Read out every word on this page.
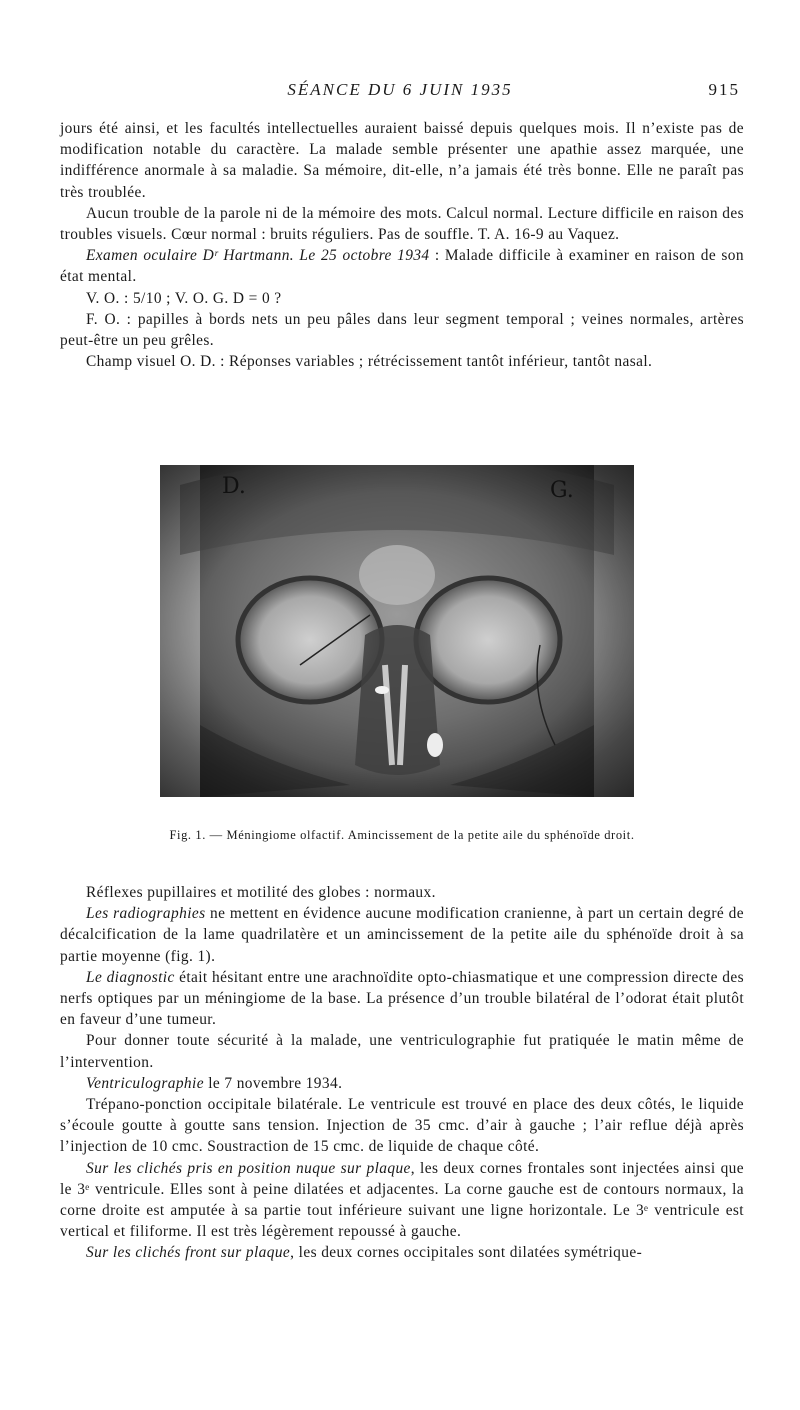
SÉANCE DU 6 JUIN 1935	915

jours été ainsi, et les facultés intellectuelles auraient baissé depuis quelques mois. Il n’existe pas de modification notable du caractère. La malade semble présenter une apathie assez marquée, une indifférence anormale à sa maladie. Sa mémoire, dit-elle, n’a jamais été très bonne. Elle ne paraît pas très troublée.

Aucun trouble de la parole ni de la mémoire des mots. Calcul normal. Lecture difficile en raison des troubles visuels. Cœur normal : bruits réguliers. Pas de souffle. T. A. 16-9 au Vaquez.

Examen oculaire Dʳ Hartmann. Le 25 octobre 1934 : Malade difficile à examiner en raison de son état mental.

V. O. : 5/10 ; V. O. G. D = 0 ?

F. O. : papilles à bords nets un peu pâles dans leur segment temporal ; veines normales, artères peut-être un peu grêles.

Champ visuel O. D. : Réponses variables ; rétrécissement tantôt inférieur, tantôt nasal.

D.	G.
Fig. 1. — Méningiome olfactif. Amincissement de la petite aile du sphénoïde droit.

Réflexes pupillaires et motilité des globes : normaux.

Les radiographies ne mettent en évidence aucune modification cranienne, à part un certain degré de décalcification de la lame quadrilatère et un amincissement de la petite aile du sphénoïde droit à sa partie moyenne (fig. 1).

Le diagnostic était hésitant entre une arachnoïdite opto-chiasmatique et une compression directe des nerfs optiques par un méningiome de la base. La présence d’un trouble bilatéral de l’odorat était plutôt en faveur d’une tumeur.

Pour donner toute sécurité à la malade, une ventriculographie fut pratiquée le matin même de l’intervention.

Ventriculographie le 7 novembre 1934.

Trépano-ponction occipitale bilatérale. Le ventricule est trouvé en place des deux côtés, le liquide s’écoule goutte à goutte sans tension. Injection de 35 cmc. d’air à gauche ; l’air reflue déjà après l’injection de 10 cmc. Soustraction de 15 cmc. de liquide de chaque côté.

Sur les clichés pris en position nuque sur plaque, les deux cornes frontales sont injectées ainsi que le 3ᵉ ventricule. Elles sont à peine dilatées et adjacentes. La corne gauche est de contours normaux, la corne droite est amputée à sa partie tout inférieure suivant une ligne horizontale. Le 3ᵉ ventricule est vertical et filiforme. Il est très légèrement repoussé à gauche.

Sur les clichés front sur plaque, les deux cornes occipitales sont dilatées symétrique-
